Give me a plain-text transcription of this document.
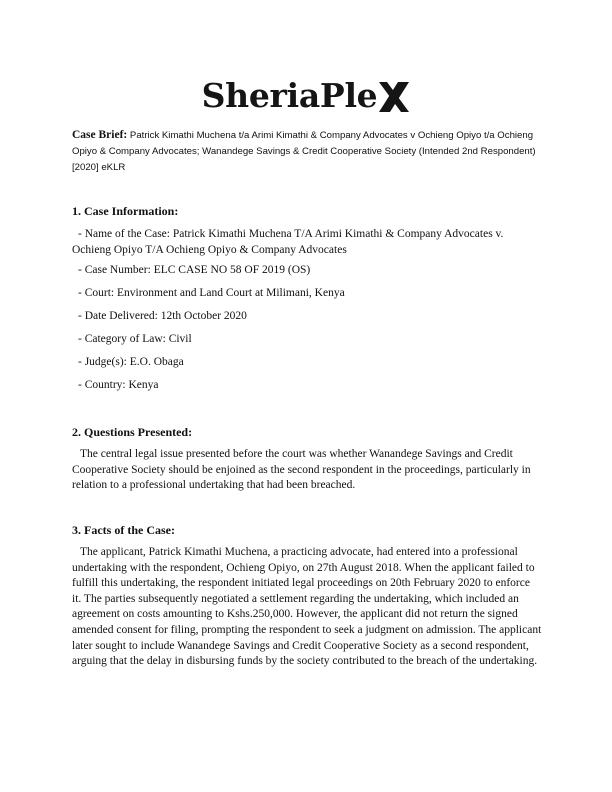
SheriaPle
Case Brief: Patrick Kimathi Muchena t/a Arimi Kimathi & Company Advocates v Ochieng Opiyo t/a Ochieng Opiyo & Company Advocates; Wanandege Savings & Credit Cooperative Society (Intended 2nd Respondent) [2020] eKLR
1. Case Information:
- Name of the Case: Patrick Kimathi Muchena T/A Arimi Kimathi & Company Advocates v. Ochieng Opiyo T/A Ochieng Opiyo & Company Advocates
- Case Number: ELC CASE NO 58 OF 2019 (OS)
- Court: Environment and Land Court at Milimani, Kenya
- Date Delivered: 12th October 2020
- Category of Law: Civil
- Judge(s): E.O. Obaga
- Country: Kenya
2. Questions Presented:
The central legal issue presented before the court was whether Wanandege Savings and Credit Cooperative Society should be enjoined as the second respondent in the proceedings, particularly in relation to a professional undertaking that had been breached.
3. Facts of the Case:
The applicant, Patrick Kimathi Muchena, a practicing advocate, had entered into a professional undertaking with the respondent, Ochieng Opiyo, on 27th August 2018. When the applicant failed to fulfill this undertaking, the respondent initiated legal proceedings on 20th February 2020 to enforce it. The parties subsequently negotiated a settlement regarding the undertaking, which included an agreement on costs amounting to Kshs.250,000. However, the applicant did not return the signed amended consent for filing, prompting the respondent to seek a judgment on admission. The applicant later sought to include Wanandege Savings and Credit Cooperative Society as a second respondent, arguing that the delay in disbursing funds by the society contributed to the breach of the undertaking.
